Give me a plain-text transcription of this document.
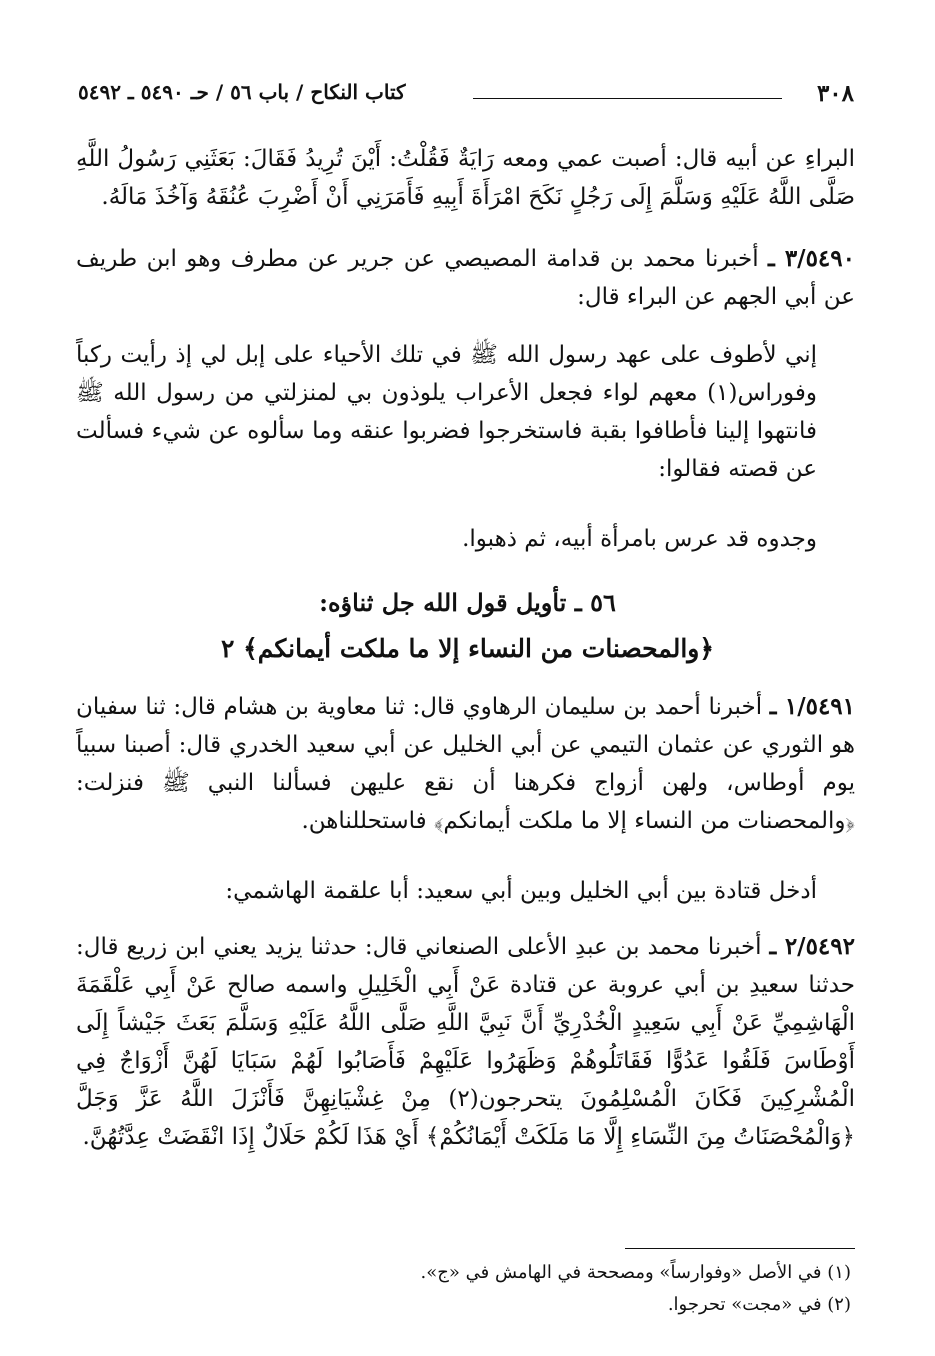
٣٠٨
كتاب النكاح / باب ٥٦ / حـ ٥٤٩٠ ـ ٥٤٩٢
البراءِ عن أبيه قال: أصبت عمي ومعه رَايَةٌ فَقُلْتُ: أَيْنَ تُرِيدُ فَقَالَ: بَعَثَنِي رَسُولُ اللَّهِ صَلَّى اللَّهُ عَلَيْهِ وَسَلَّمَ إِلَى رَجُلٍ نَكَحَ امْرَأَةَ أَبِيهِ فَأَمَرَنِي أَنْ أَضْرِبَ عُنُقَهُ وَآخُذَ مَالَهُ.
٣/٥٤٩٠ ـ أخبرنا محمد بن قدامة المصيصي عن جرير عن مطرف وهو ابن طريف عن أبي الجهم عن البراء قال:
إني لأطوف على عهد رسول الله ﷺ في تلك الأحياء على إبل لي إذ رأيت ركباً وفوراس(١) معهم لواء فجعل الأعراب يلوذون بي لمنزلتي من رسول الله ﷺ فانتهوا إلينا فأطافوا بقبة فاستخرجوا فضربوا عنقه وما سألوه عن شيء فسألت عن قصته فقالوا:
وجدوه قد عرس بامرأة أبيه، ثم ذهبوا.
٥٦ ـ تأويل قول الله جل ثناؤه:
﴿والمحصنات من النساء إلا ما ملكت أيمانكم﴾ ٢
١/٥٤٩١ ـ أخبرنا أحمد بن سليمان الرهاوي قال: ثنا معاوية بن هشام قال: ثنا سفيان هو الثوري عن عثمان التيمي عن أبي الخليل عن أبي سعيد الخدري قال: أصبنا سبياً يوم أوطاس، ولهن أزواج فكرهنا أن نقع عليهن فسألنا النبي ﷺ فنزلت: ﴿والمحصنات من النساء إلا ما ملكت أيمانكم﴾ فاستحللناهن.
أدخل قتادة بين أبي الخليل وبين أبي سعيد: أبا علقمة الهاشمي:
٢/٥٤٩٢ ـ أخبرنا محمد بن عبدِ الأعلى الصنعاني قال: حدثنا يزيد يعني ابن زريع قال: حدثنا سعيدِ بن أبي عروبة عن قتادة عَنْ أَبِي الْخَلِيلِ واسمه صالح عَنْ أَبِي عَلْقَمَةَ الْهَاشِمِيِّ عَنْ أَبِي سَعِيدٍ الْخُدْرِيِّ أَنَّ نَبِيَّ اللَّهِ صَلَّى اللَّهُ عَلَيْهِ وَسَلَّمَ بَعَثَ جَيْشاً إِلَى أَوْطَاسَ فَلَقُوا عَدُوًّا فَقَاتَلُوهُمْ وَظَهَرُوا عَلَيْهِمْ فَأَصَابُوا لَهُمْ سَبَايَا لَهُنَّ أَزْوَاجٌ فِي الْمُشْرِكِينَ فَكَانَ الْمُسْلِمُونَ يتحرجون(٢) مِنْ غِشْيَانِهِنَّ فَأَنْزَلَ اللَّهُ عَزَّ وَجَلَّ ﴿وَالْمُحْصَنَاتُ مِنَ النِّسَاءِ إِلَّا مَا مَلَكَتْ أَيْمَانُكُمْ﴾ أَيْ هَذَا لَكُمْ حَلَالٌ إِذَا انْقَضَتْ عِدَّتُهُنَّ.
(١) في الأصل «وفوارساً» ومصححة في الهامش في «ج».
(٢) في «مجت» تحرجوا.
